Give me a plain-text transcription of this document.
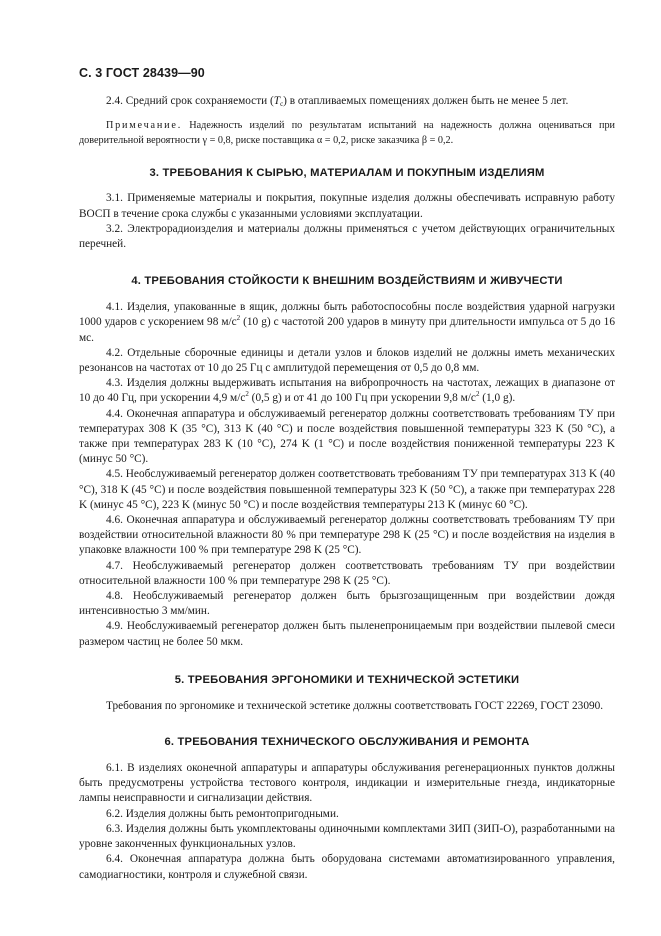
С. 3 ГОСТ 28439—90

2.4. Средний срок сохраняемости $(T_с)$ в отапливаемых помещениях должен быть не менее 5 лет.

Примечание. Надежность изделий по результатам испытаний на надежность должна оцениваться при доверительной вероятности γ = 0,8, риске поставщика α = 0,2, риске заказчика β = 0,2.

3. ТРЕБОВАНИЯ К СЫРЬЮ, МАТЕРИАЛАМ И ПОКУПНЫМ ИЗДЕЛИЯМ

3.1. Применяемые материалы и покрытия, покупные изделия должны обеспечивать исправную работу ВОСП в течение срока службы с указанными условиями эксплуатации.

3.2. Электрорадиоизделия и материалы должны применяться с учетом действующих ограничительных перечней.

4. ТРЕБОВАНИЯ СТОЙКОСТИ К ВНЕШНИМ ВОЗДЕЙСТВИЯМ И ЖИВУЧЕСТИ

4.1. Изделия, упакованные в ящик, должны быть работоспособны после воздействия ударной нагрузки 1000 ударов с ускорением 98 $м/с^2$ (10 g) с частотой 200 ударов в минуту при длительности импульса от 5 до 16 мс.

4.2. Отдельные сборочные единицы и детали узлов и блоков изделий не должны иметь механических резонансов на частотах от 10 до 25 Гц с амплитудой перемещения от 0,5 до 0,8 мм.

4.3. Изделия должны выдерживать испытания на вибропрочность на частотах, лежащих в диапазоне от 10 до 40 Гц, при ускорении 4,9 $м/с^2$ (0,5 g) и от 41 до 100 Гц при ускорении 9,8 $м/с^2$ (1,0 g).

4.4. Оконечная аппаратура и обслуживаемый регенератор должны соответствовать требованиям ТУ при температурах 308 K (35 °С), 313 K (40 °С) и после воздействия повышенной температуры 323 K (50 °С), а также при температурах 283 K (10 °С), 274 K (1 °С) и после воздействия пониженной температуры 223 K (минус 50 °С).

4.5. Необслуживаемый регенератор должен соответствовать требованиям ТУ при температурах 313 K (40 °С), 318 K (45 °С) и после воздействия повышенной температуры 323 K (50 °С), а также при температурах 228 K (минус 45 °С), 223 K (минус 50 °С) и после воздействия температуры 213 K (минус 60 °С).

4.6. Оконечная аппаратура и обслуживаемый регенератор должны соответствовать требованиям ТУ при воздействии относительной влажности 80 % при температуре 298 K (25 °С) и после воздействия на изделия в упаковке влажности 100 % при температуре 298 K (25 °С).

4.7. Необслуживаемый регенератор должен соответствовать требованиям ТУ при воздействии относительной влажности 100 % при температуре 298 K (25 °С).

4.8. Необслуживаемый регенератор должен быть брызгозащищенным при воздействии дождя интенсивностью 3 мм/мин.

4.9. Необслуживаемый регенератор должен быть пыленепроницаемым при воздействии пылевой смеси размером частиц не более 50 мкм.

5. ТРЕБОВАНИЯ ЭРГОНОМИКИ И ТЕХНИЧЕСКОЙ ЭСТЕТИКИ

Требования по эргономике и технической эстетике должны соответствовать ГОСТ 22269, ГОСТ 23090.

6. ТРЕБОВАНИЯ ТЕХНИЧЕСКОГО ОБСЛУЖИВАНИЯ И РЕМОНТА

6.1. В изделиях оконечной аппаратуры и аппаратуры обслуживания регенерационных пунктов должны быть предусмотрены устройства тестового контроля, индикации и измерительные гнезда, индикаторные лампы неисправности и сигнализации действия.

6.2. Изделия должны быть ремонтопригодными.

6.3. Изделия должны быть укомплектованы одиночными комплектами ЗИП (ЗИП-О), разработанными на уровне законченных функциональных узлов.

6.4. Оконечная аппаратура должна быть оборудована системами автоматизированного управления, самодиагностики, контроля и служебной связи.
